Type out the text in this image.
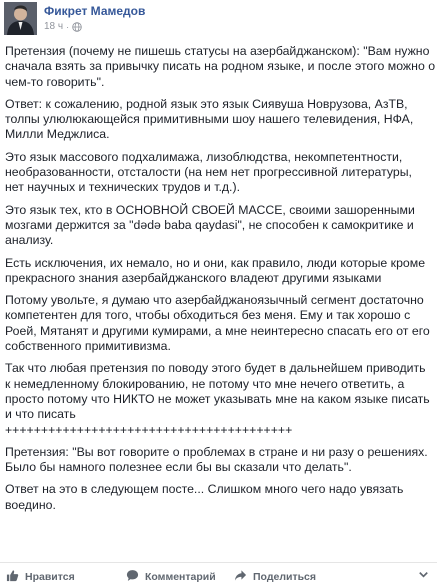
Фикрет Мамедов
18 ч ·

Претензия (почему не пишешь статусы на азербайджанском): "Вам нужно
сначала взять за привычку писать на родном языке, и после этого можно о
чем-то говорить".

Ответ: к сожалению, родной язык это язык Сиявуша Новрузова, АзТВ,
толпы улюлюкающейся примитивными шоу нашего телевидения, НФА,
Милли Меджлиса.

Это язык массового подхалимажа, лизоблюдства, некомпетентности,
необразованности, отсталости (на нем нет прогрессивной литературы,
нет научных и технических трудов и т.д.).

Это язык тех, кто в ОСНОВНОЙ СВОЕЙ МАССЕ, своими зашоренными
мозгами держится за "dədə baba qaydasi", не способен к самокритике и
анализу.

Есть исключения, их немало, но и они, как правило, люди которые кроме
прекрасного знания азербайджанского владеют другими языками

Потому увольте, я думаю что азербайджаноязычный сегмент достаточно
компетентен для того, чтобы обходиться без меня. Ему и так хорошо с
Роей, Мятанят и другими кумирами, а мне неинтересно спасать его от его
собственного примитивизма.

Так что любая претензия по поводу этого будет в дальнейшем приводить
к немедленному блокированию, не потому что мне нечего ответить, а
просто потому что НИКТО не может указывать мне на каком языке писать
и что писать
++++++++++++++++++++++++++++++++++++++++

Претензия: "Вы вот говорите о проблемах в стране и ни разу о решениях.
Было бы намного полезнее если бы вы сказали что делать".

Ответ на это в следующем посте... Слишком много чего надо увязать
воедино.

Нравится	Комментарий	Поделиться
